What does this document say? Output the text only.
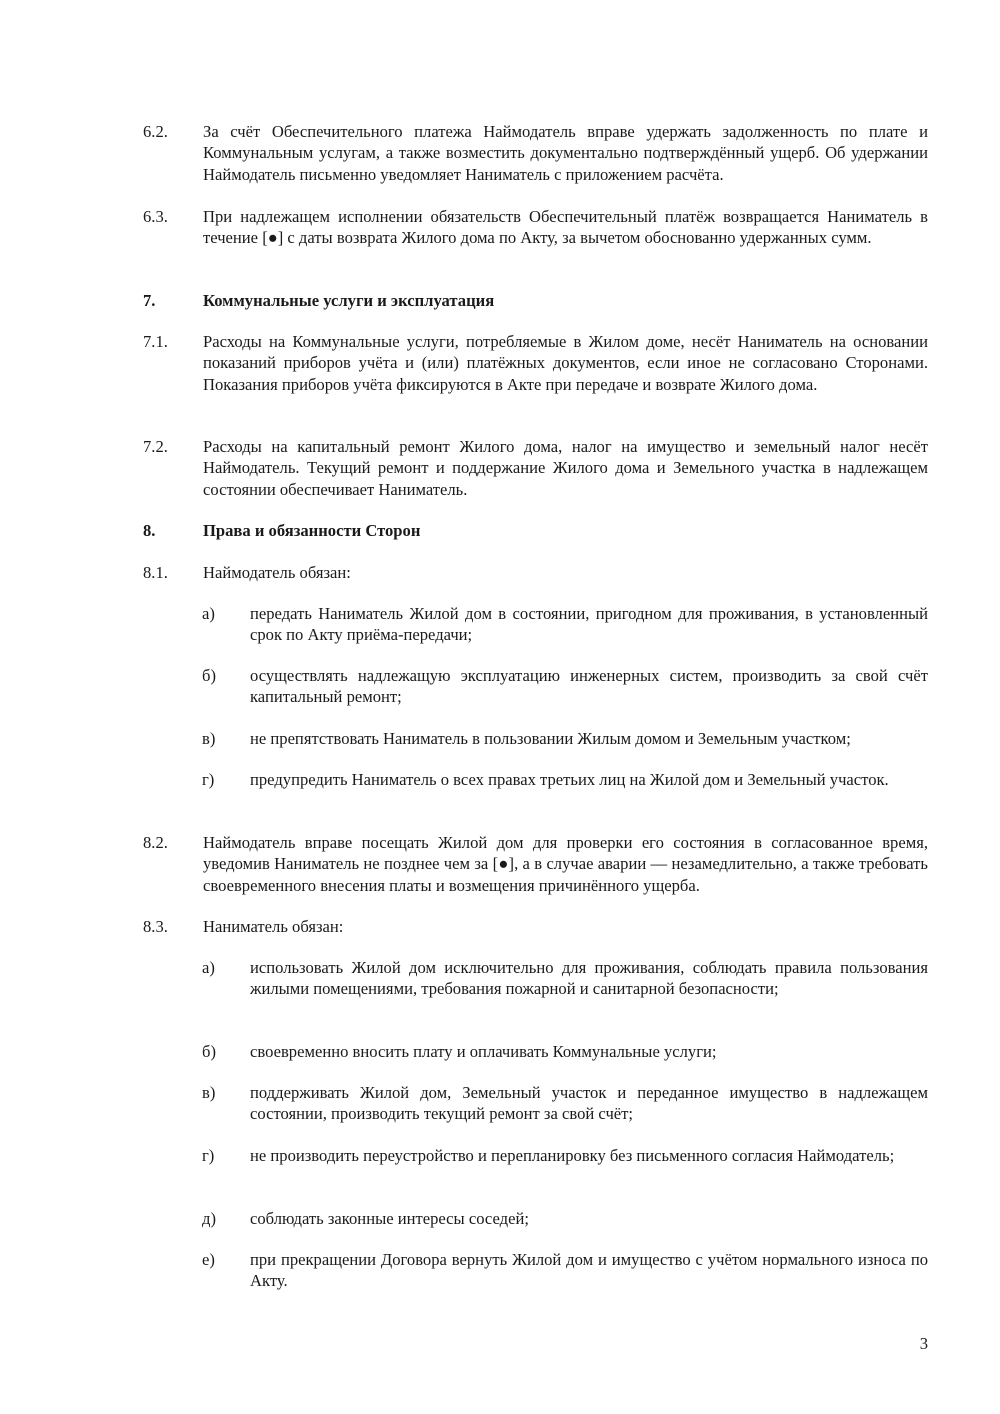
6.2. За счёт Обеспечительного платежа Наймодатель вправе удержать задолженность по плате и Коммунальным услугам, а также возместить документально подтверждённый ущерб. Об удержании Наймодатель письменно уведомляет Наниматель с приложением расчёта.
6.3. При надлежащем исполнении обязательств Обеспечительный платёж возвращается Наниматель в течение [●] с даты возврата Жилого дома по Акту, за вычетом обоснованно удержанных сумм.
7.	Коммунальные услуги и эксплуатация
7.1. Расходы на Коммунальные услуги, потребляемые в Жилом доме, несёт Наниматель на основании показаний приборов учёта и (или) платёжных документов, если иное не согласовано Сторонами. Показания приборов учёта фиксируются в Акте при передаче и возврате Жилого дома.
7.2. Расходы на капитальный ремонт Жилого дома, налог на имущество и земельный налог несёт Наймодатель. Текущий ремонт и поддержание Жилого дома и Земельного участка в надлежащем состоянии обеспечивает Наниматель.
8.	Права и обязанности Сторон
8.1. Наймодатель обязан:
а) передать Наниматель Жилой дом в состоянии, пригодном для проживания, в установленный срок по Акту приёма-передачи;
б) осуществлять надлежащую эксплуатацию инженерных систем, производить за свой счёт капитальный ремонт;
в) не препятствовать Наниматель в пользовании Жилым домом и Земельным участком;
г) предупредить Наниматель о всех правах третьих лиц на Жилой дом и Земельный участок.
8.2. Наймодатель вправе посещать Жилой дом для проверки его состояния в согласованное время, уведомив Наниматель не позднее чем за [●], а в случае аварии — незамедлительно, а также требовать своевременного внесения платы и возмещения причинённого ущерба.
8.3. Наниматель обязан:
а) использовать Жилой дом исключительно для проживания, соблюдать правила пользования жилыми помещениями, требования пожарной и санитарной безопасности;
б) своевременно вносить плату и оплачивать Коммунальные услуги;
в) поддерживать Жилой дом, Земельный участок и переданное имущество в надлежащем состоянии, производить текущий ремонт за свой счёт;
г) не производить переустройство и перепланировку без письменного согласия Наймодатель;
д) соблюдать законные интересы соседей;
е) при прекращении Договора вернуть Жилой дом и имущество с учётом нормального износа по Акту.
3
